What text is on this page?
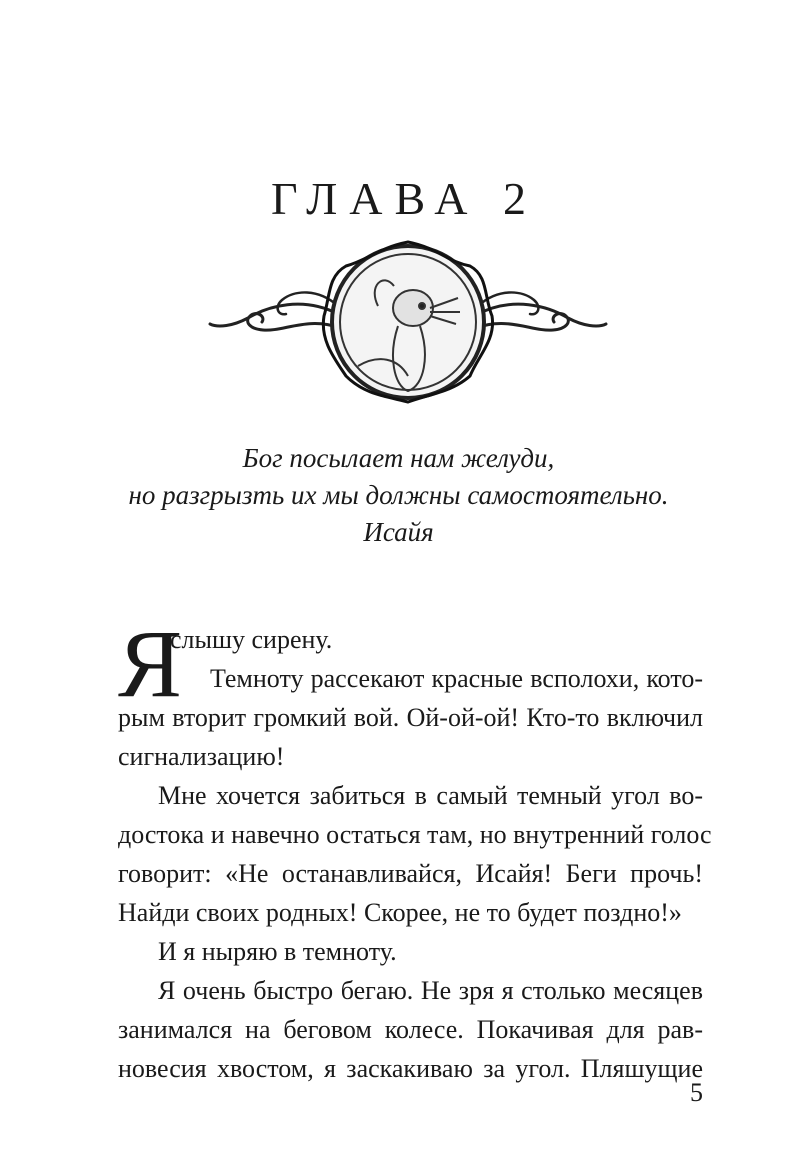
ГЛАВА 2
Бог посылает нам желуди,
но разгрызть их мы должны самостоятельно.
Исайя
Я
слышу сирену.
Темноту рассекают красные всполохи, кото-
рым вторит громкий вой. Ой-ой-ой! Кто-то включил
сигнализацию!
Мне хочется забиться в самый темный угол во-
достока и навечно остаться там, но внутренний голос
говорит: «Не останавливайся, Исайя! Беги прочь!
Найди своих родных! Скорее, не то будет поздно!»
И я ныряю в темноту.
Я очень быстро бегаю. Не зря я столько месяцев
занимался на беговом колесе. Покачивая для рав-
новесия хвостом, я заскакиваю за угол. Пляшущие
5
